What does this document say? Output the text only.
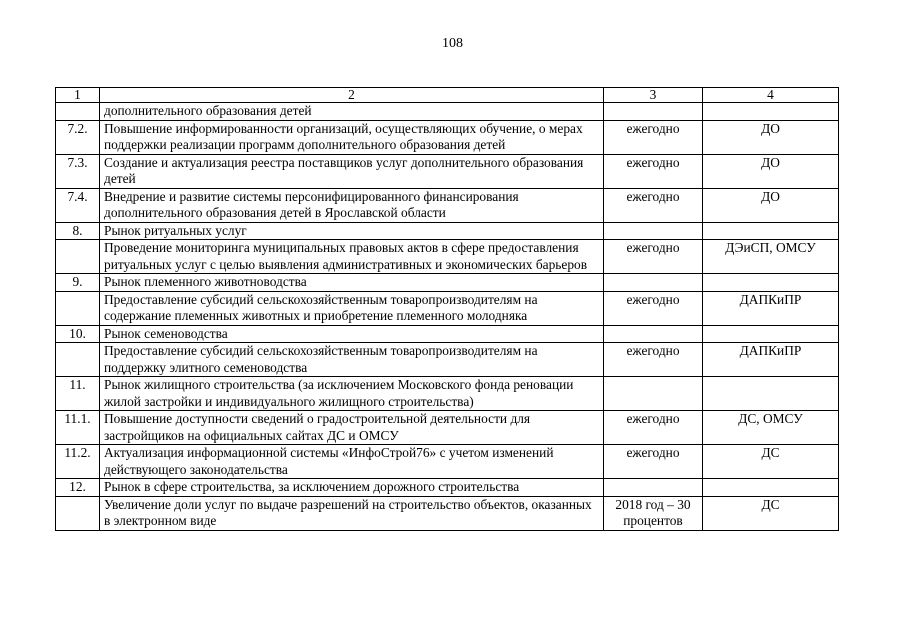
108
1	2	3	4
	дополнительного образования детей		
7.2.	Повышение информированности организаций, осуществляющих обучение, о мерах поддержки реализации программ дополнительного образования детей	ежегодно	ДО
7.3.	Создание и актуализация реестра поставщиков услуг дополнительного образования детей	ежегодно	ДО
7.4.	Внедрение и развитие системы персонифицированного финансирования дополнительного образования детей в Ярославской области	ежегодно	ДО
8.	Рынок ритуальных услуг		
	Проведение мониторинга муниципальных правовых актов в сфере предоставления ритуальных услуг с целью выявления административных и экономических барьеров	ежегодно	ДЭиСП, ОМСУ
9.	Рынок племенного животноводства		
	Предоставление субсидий сельскохозяйственным товаропроизводителям на содержание племенных животных и приобретение племенного молодняка	ежегодно	ДАПКиПР
10.	Рынок семеноводства		
	Предоставление субсидий сельскохозяйственным товаропроизводителям на поддержку элитного семеноводства	ежегодно	ДАПКиПР
11.	Рынок жилищного строительства (за исключением Московского фонда реновации жилой застройки и индивидуального жилищного строительства)		
11.1.	Повышение доступности сведений о градостроительной деятельности для застройщиков на официальных сайтах ДС и ОМСУ	ежегодно	ДС, ОМСУ
11.2.	Актуализация информационной системы «ИнфоСтрой76» с учетом изменений действующего законодательства	ежегодно	ДС
12.	Рынок в сфере строительства, за исключением дорожного строительства		
	Увеличение доли услуг по выдаче разрешений на строительство объектов, оказанных в электронном виде	2018 год – 30 процентов	ДС
